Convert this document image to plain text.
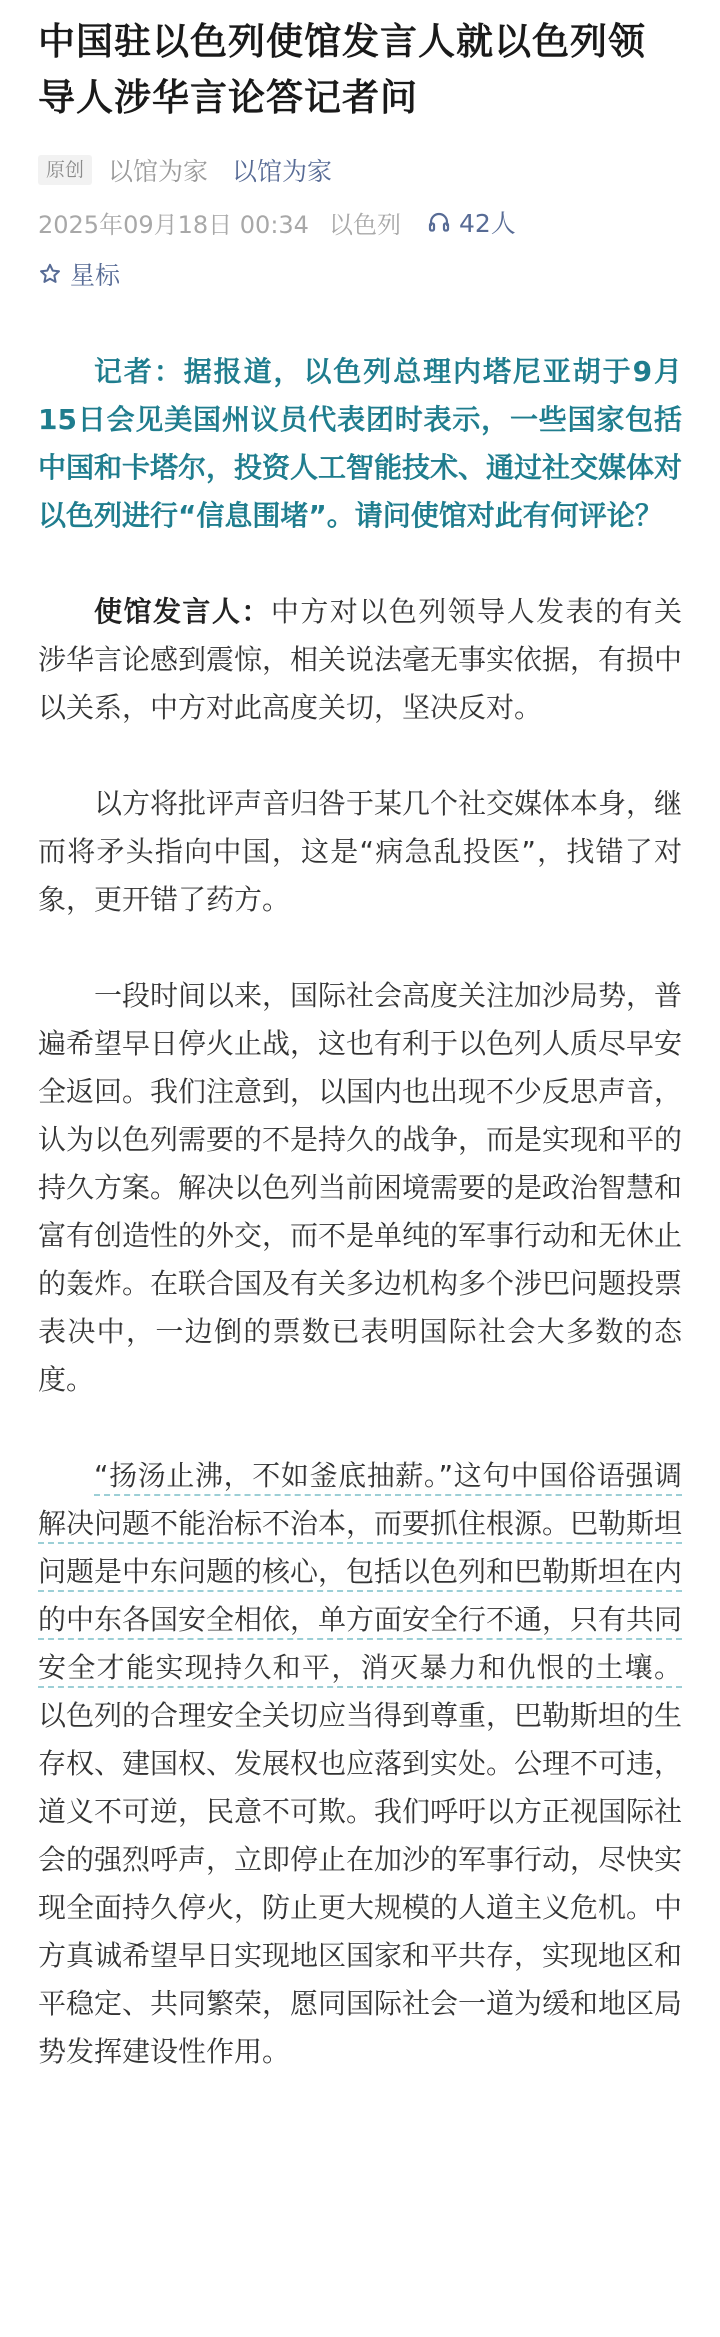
中国驻以色列使馆发言人就以色列领导人涉华言论答记者问
原创 以馆为家 以馆为家
2025年09月18日 00:34 以色列 42人
星标

记者：据报道，以色列总理内塔尼亚胡于9月15日会见美国州议员代表团时表示，一些国家包括中国和卡塔尔，投资人工智能技术、通过社交媒体对以色列进行“信息围堵”。请问使馆对此有何评论？

使馆发言人：中方对以色列领导人发表的有关涉华言论感到震惊，相关说法毫无事实依据，有损中以关系，中方对此高度关切，坚决反对。

以方将批评声音归咎于某几个社交媒体本身，继而将矛头指向中国，这是“病急乱投医”，找错了对象，更开错了药方。

一段时间以来，国际社会高度关注加沙局势，普遍希望早日停火止战，这也有利于以色列人质尽早安全返回。我们注意到，以国内也出现不少反思声音，认为以色列需要的不是持久的战争，而是实现和平的持久方案。解决以色列当前困境需要的是政治智慧和富有创造性的外交，而不是单纯的军事行动和无休止的轰炸。在联合国及有关多边机构多个涉巴问题投票表决中，一边倒的票数已表明国际社会大多数的态度。

“扬汤止沸，不如釜底抽薪。”这句中国俗语强调解决问题不能治标不治本，而要抓住根源。巴勒斯坦问题是中东问题的核心，包括以色列和巴勒斯坦在内的中东各国安全相依，单方面安全行不通，只有共同安全才能实现持久和平，消灭暴力和仇恨的土壤。以色列的合理安全关切应当得到尊重，巴勒斯坦的生存权、建国权、发展权也应落到实处。公理不可违，道义不可逆，民意不可欺。我们呼吁以方正视国际社会的强烈呼声，立即停止在加沙的军事行动，尽快实现全面持久停火，防止更大规模的人道主义危机。中方真诚希望早日实现地区国家和平共存，实现地区和平稳定、共同繁荣，愿同国际社会一道为缓和地区局势发挥建设性作用。
